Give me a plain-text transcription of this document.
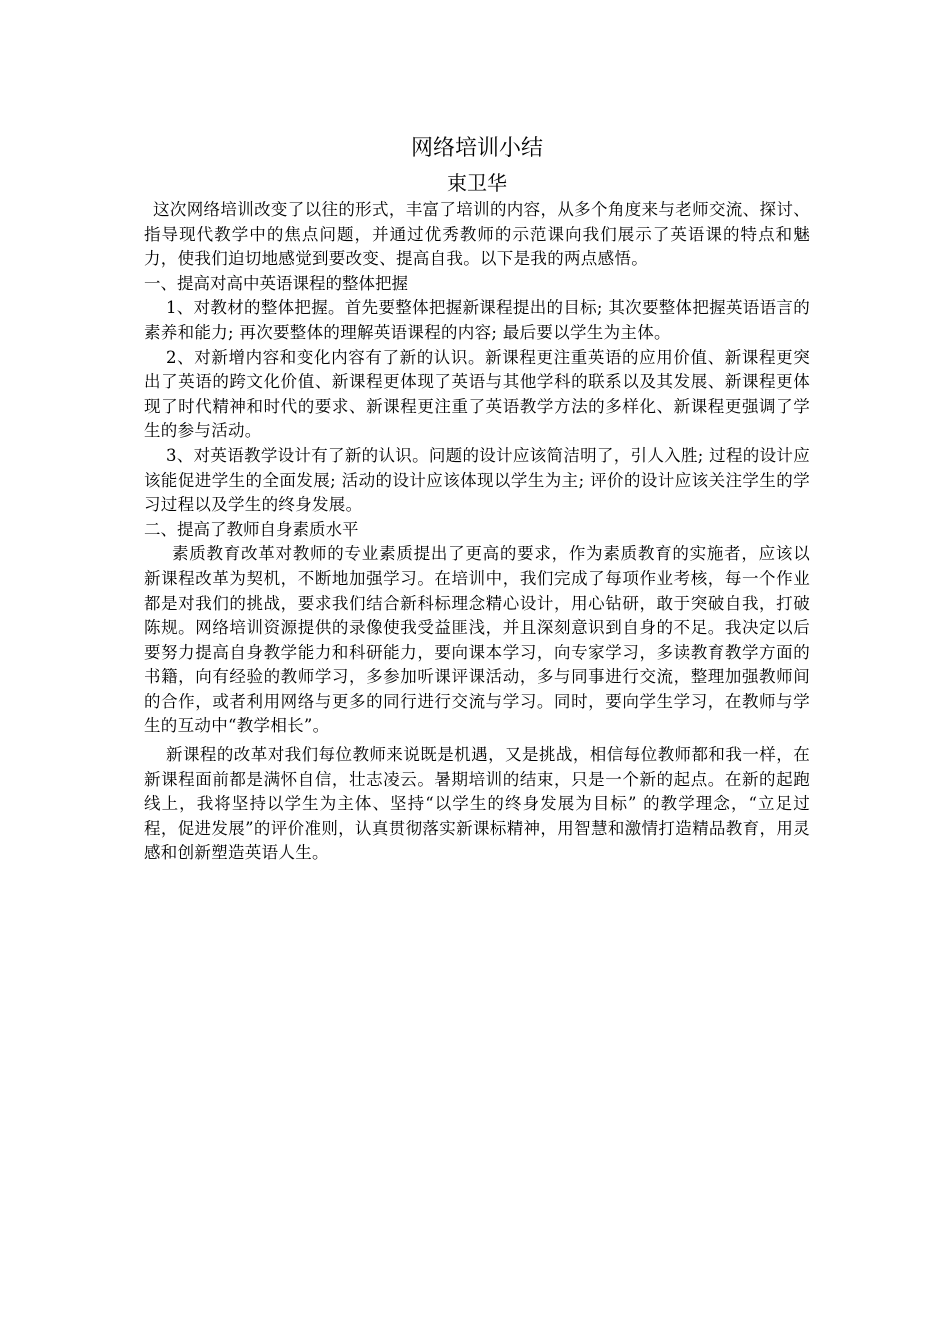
网络培训小结
束卫华

这次网络培训改变了以往的形式，丰富了培训的内容，从多个角度来与老师交流、探讨、指导现代教学中的焦点问题，并通过优秀教师的示范课向我们展示了英语课的特点和魅力，使我们迫切地感觉到要改变、提高自我。以下是我的两点感悟。

一、提高对高中英语课程的整体把握

1、对教材的整体把握。首先要整体把握新课程提出的目标; 其次要整体把握英语语言的素养和能力; 再次要整体的理解英语课程的内容; 最后要以学生为主体。

2、对新增内容和变化内容有了新的认识。新课程更注重英语的应用价值、新课程更突出了英语的跨文化价值、新课程更体现了英语与其他学科的联系以及其发展、新课程更体现了时代精神和时代的要求、新课程更注重了英语教学方法的多样化、新课程更强调了学生的参与活动。

3、对英语教学设计有了新的认识。问题的设计应该简洁明了，引人入胜; 过程的设计应该能促进学生的全面发展; 活动的设计应该体现以学生为主; 评价的设计应该关注学生的学习过程以及学生的终身发展。

二、提高了教师自身素质水平

素质教育改革对教师的专业素质提出了更高的要求，作为素质教育的实施者，应该以新课程改革为契机，不断地加强学习。在培训中，我们完成了每项作业考核，每一个作业都是对我们的挑战，要求我们结合新科标理念精心设计，用心钻研，敢于突破自我，打破陈规。网络培训资源提供的录像使我受益匪浅，并且深刻意识到自身的不足。我决定以后要努力提高自身教学能力和科研能力，要向课本学习，向专家学习，多读教育教学方面的书籍，向有经验的教师学习，多参加听课评课活动，多与同事进行交流，整理加强教师间的合作，或者利用网络与更多的同行进行交流与学习。同时，要向学生学习，在教师与学生的互动中“教学相长”。

新课程的改革对我们每位教师来说既是机遇，又是挑战，相信每位教师都和我一样，在新课程面前都是满怀自信，壮志凌云。暑期培训的结束，只是一个新的起点。在新的起跑线上，我将坚持以学生为主体、坚持“以学生的终身发展为目标” 的教学理念，“立足过程，促进发展”的评价准则，认真贯彻落实新课标精神，用智慧和激情打造精品教育，用灵感和创新塑造英语人生。
